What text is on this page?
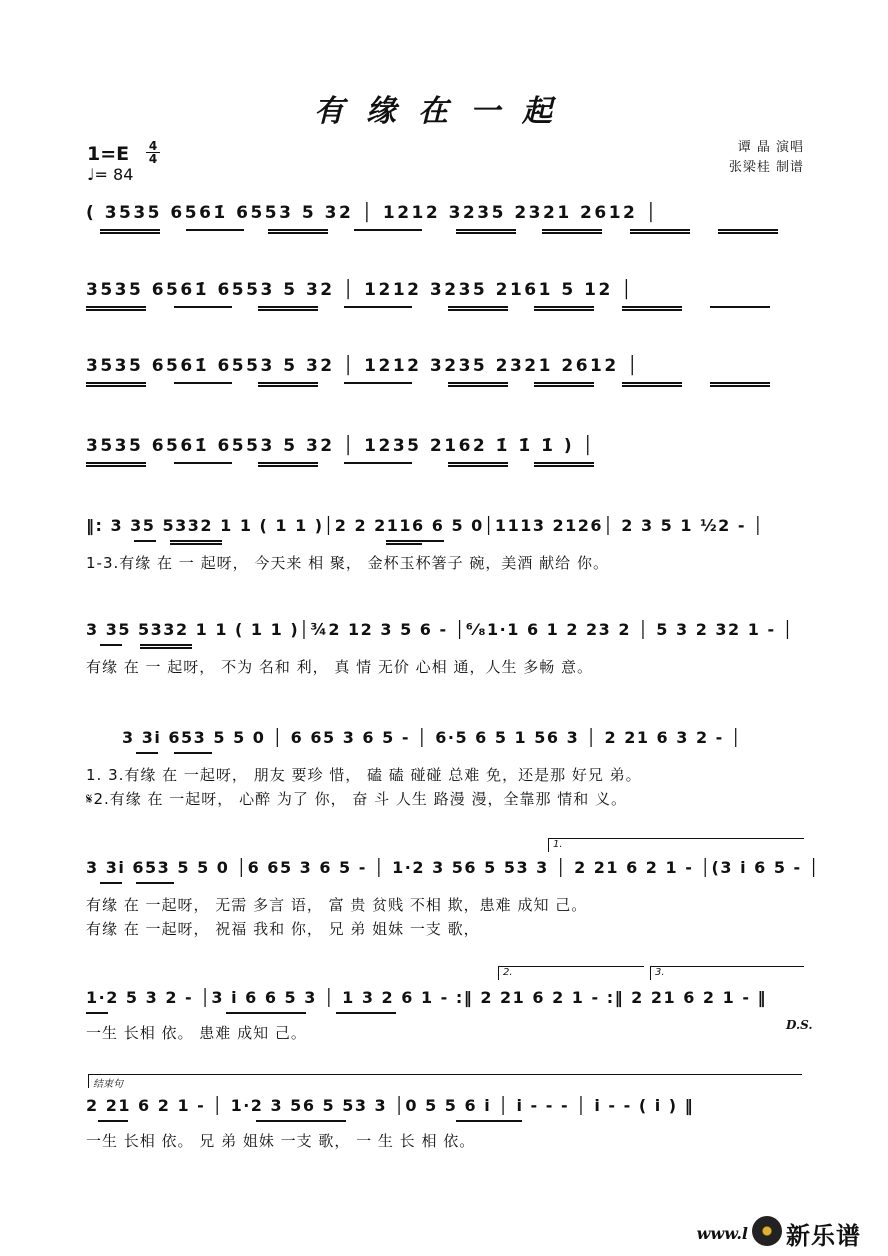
有缘在一起
1=E 4
4
♩= 84
谭 晶 演唱
张梁桂 制谱
( 3535 6561̇ 6553 5 32 │ 1212 3235 2321 2612 │
3535 6561̇ 6553 5 32 │ 1212 3235 2161 5 12 │
3535 6561̇ 6553 5 32 │ 1212 3235 2321 2612 │
3535 6561̇ 6553 5 32 │ 1235 2162 1̇ 1̇ 1̇ ) │
‖: 3 35 5332 1 1 ( 1 1 )│2 2 2116 6 5 0│1113 2126│ 2 3 5 1 ½2 - │
1-3.有缘 在 一 起呀， 今天来 相 聚， 金杯玉杯箸子 碗，美酒 献给 你。
3 35 5332 1 1 ( 1 1 )│¾2 12 3 5 6 - │⁶⁄₈1·1 6 1 2 23 2 │ 5 3 2 32 1 - │
有缘 在 一 起呀， 不为 名和 利， 真 情 无价 心相 通，人生 多畅 意。
3 3i 653 5 5 0 │ 6 65 3 6 5 - │ 6·5 6 5 1 56 3 │ 2 21 6 3 2 - │
1. 3.有缘 在 一起呀， 朋友 要珍 惜， 磕 磕 碰碰 总难 免，还是那 好兄 弟。
𝄋2.有缘 在 一起呀， 心醉 为了 你， 奋 斗 人生 路漫 漫，全靠那 情和 义。
1.
3 3i 653 5 5 0 │6 65 3 6 5 - │ 1·2 3 56 5 53 3 │ 2 21 6 2 1 - │(3 i 6 5 - │
有缘 在 一起呀， 无需 多言 语， 富 贵 贫贱 不相 欺，患难 成知 己。
有缘 在 一起呀， 祝福 我和 你， 兄 弟 姐妹 一支 歌，
2.	3.
1·2 5 3 2 - │3 i 6 6 5 3 │ 1 3 2 6 1 - :‖ 2 21 6 2 1 - :‖ 2 21 6 2 1 - ‖
一生 长相 依。 患难 成知 己。	D.S.
结束句
2 21 6 2 1 - │ 1·2 3 56 5 53 3 │0 5 5 6 i │ i - - - │ i - - ( i ) ‖
一生 长相 依。 兄 弟 姐妹 一支 歌， 一 生 长 相 依。
www.l 新乐谱
